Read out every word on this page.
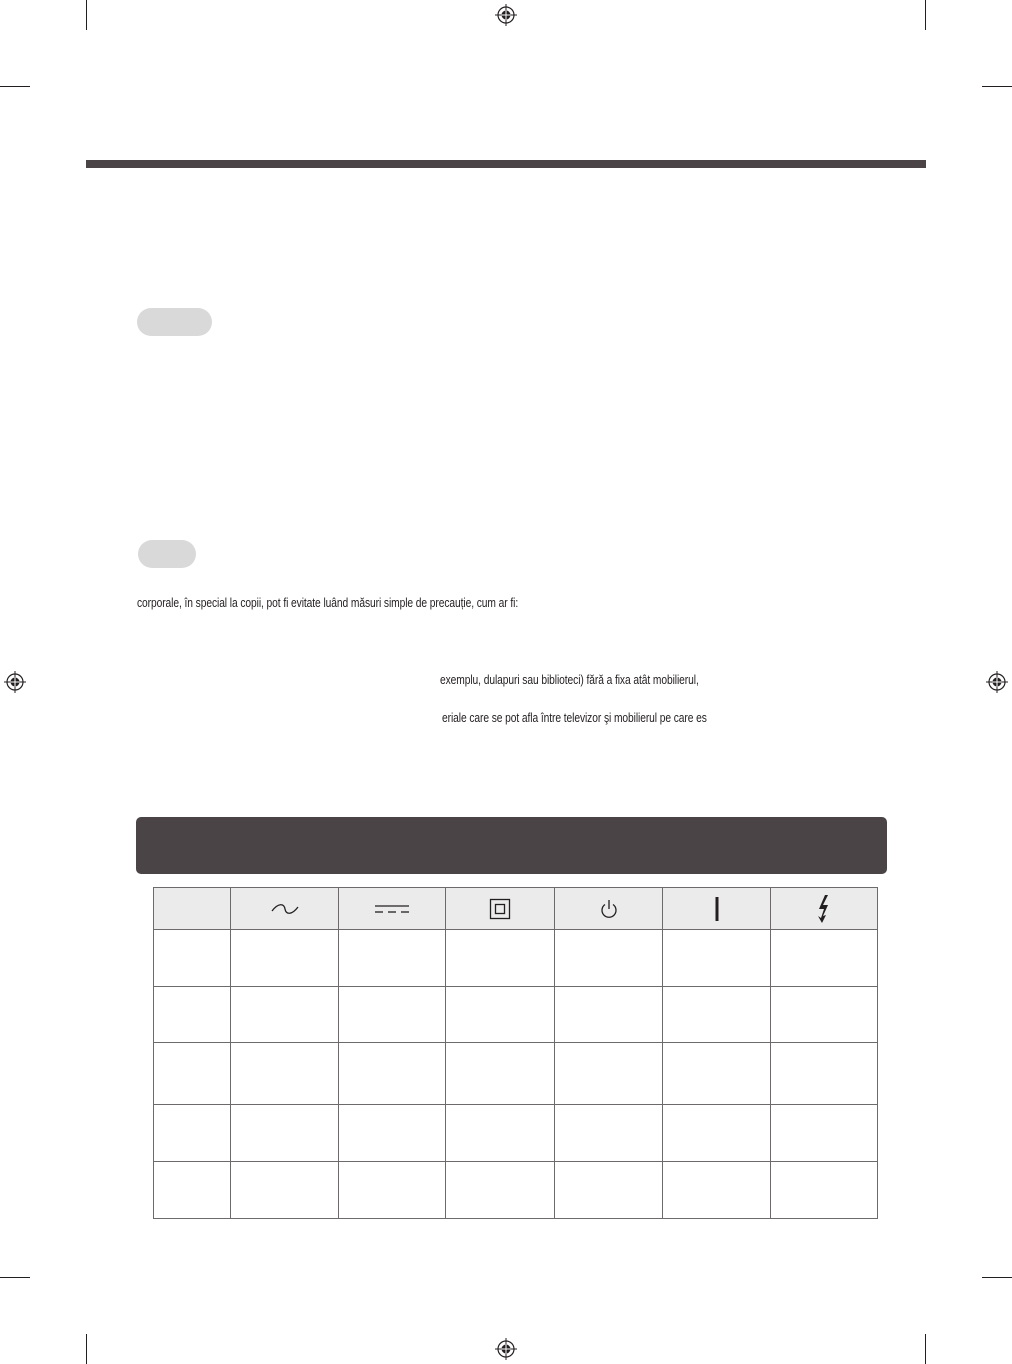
corporale, în special la copii, pot fi evitate luând măsuri simple de precauție, cum ar fi:
exemplu, dulapuri sau biblioteci) fără a fixa atât mobilierul,
eriale care se pot afla între televizor şi mobilierul pe care es
